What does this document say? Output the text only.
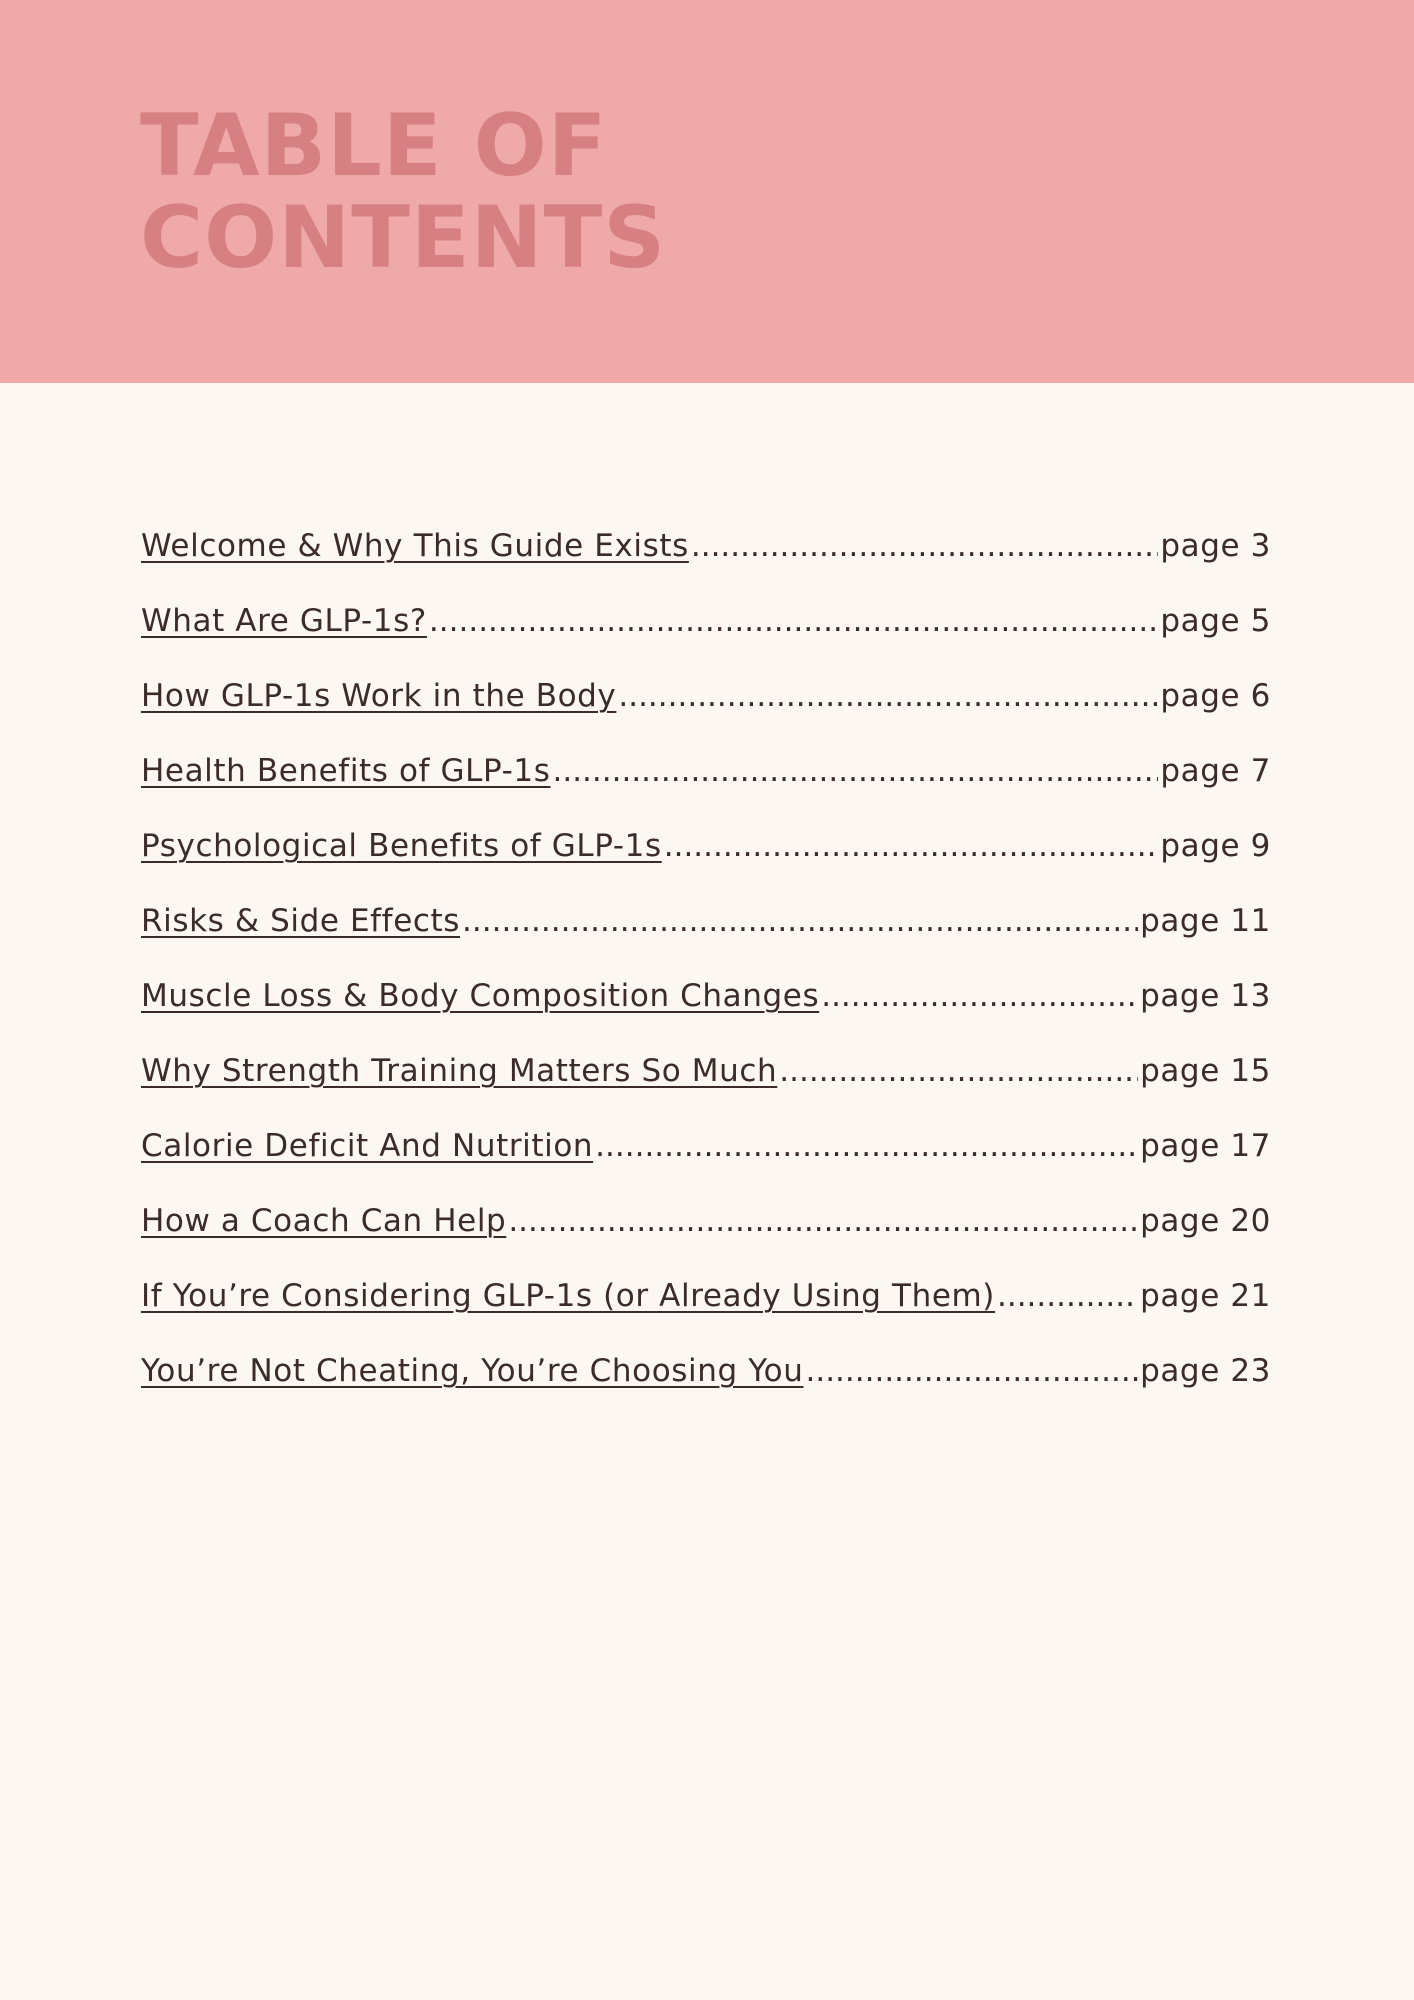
TABLE OF
CONTENTS
Welcome & Why This Guide Exists .....	page 3
What Are GLP-1s? .....	page 5
How GLP-1s Work in the Body .....	page 6
Health Benefits of GLP-1s .....	page 7
Psychological Benefits of GLP-1s .....	page 9
Risks & Side Effects .....	page 11
Muscle Loss & Body Composition Changes .....	page 13
Why Strength Training Matters So Much .....	page 15
Calorie Deficit And Nutrition .....	page 17
How a Coach Can Help .....	page 20
If You’re Considering GLP-1s (or Already Using Them) .....	page 21
You’re Not Cheating, You’re Choosing You .....	page 23
